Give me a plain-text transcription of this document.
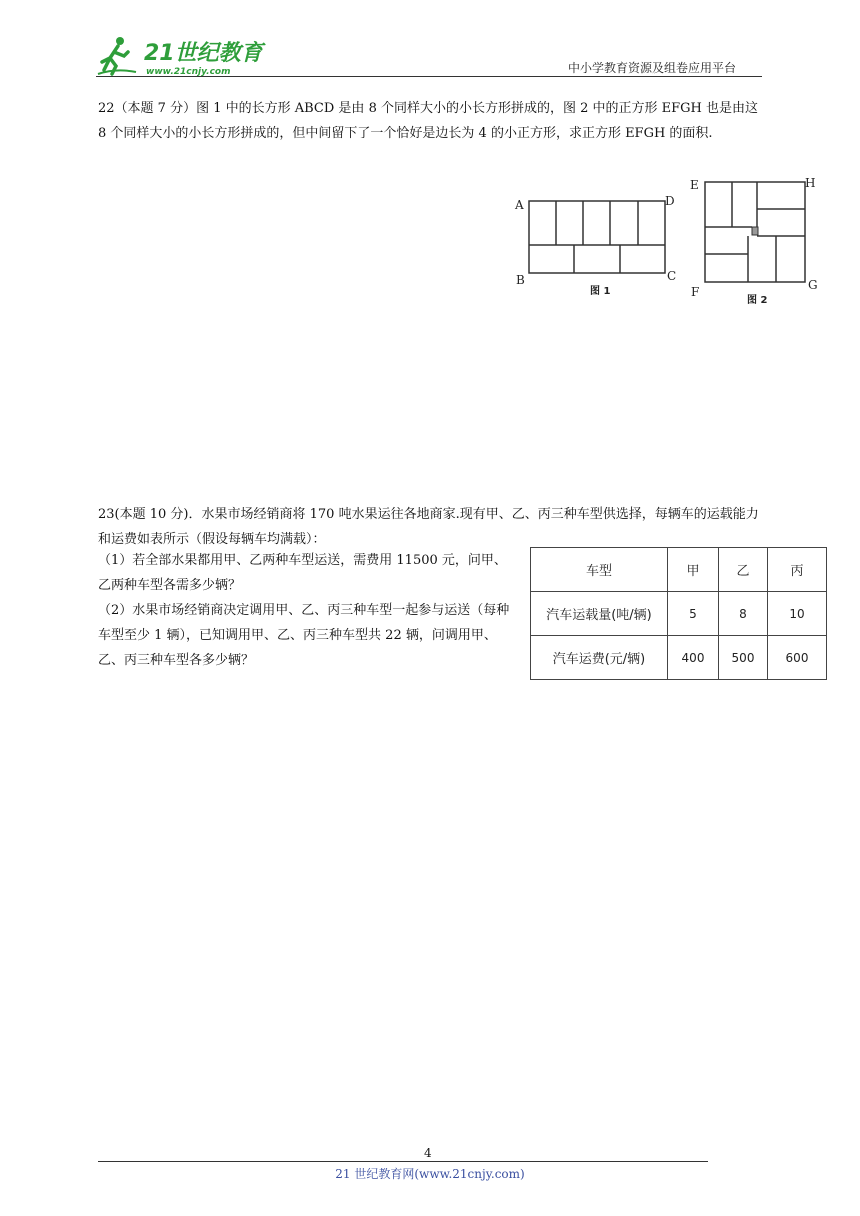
21世纪教育
www.21cnjy.com	中小学教育资源及组卷应用平台
22（本题 7 分）图 1 中的长方形 ABCD 是由 8 个同样大小的小长方形拼成的，图 2 中的正方形 EFGH 也是由这 8 个同样大小的小长方形拼成的，但中间留下了一个恰好是边长为 4 的小正方形，求正方形 EFGH 的面积.
A
B	C
D
图 1
E
F	G
H
图 2
23(本题 10 分)．水果市场经销商将 170 吨水果运往各地商家.现有甲、乙、丙三种车型供选择，每辆车的运载能力和运费如表所示（假设每辆车均满载）：
（1）若全部水果都用甲、乙两种车型运送，需费用 11500 元，问甲、乙两种车型各需多少辆？
（2）水果市场经销商决定调用甲、乙、丙三种车型一起参与运送（每种车型至少 1 辆），已知调用甲、乙、丙三种车型共 22 辆，问调用甲、乙、丙三种车型各多少辆？
车型	甲	乙	丙
汽车运载量(吨/辆)	5	8	10
汽车运费(元/辆)	400	500	600
4
21 世纪教育网(www.21cnjy.com)
